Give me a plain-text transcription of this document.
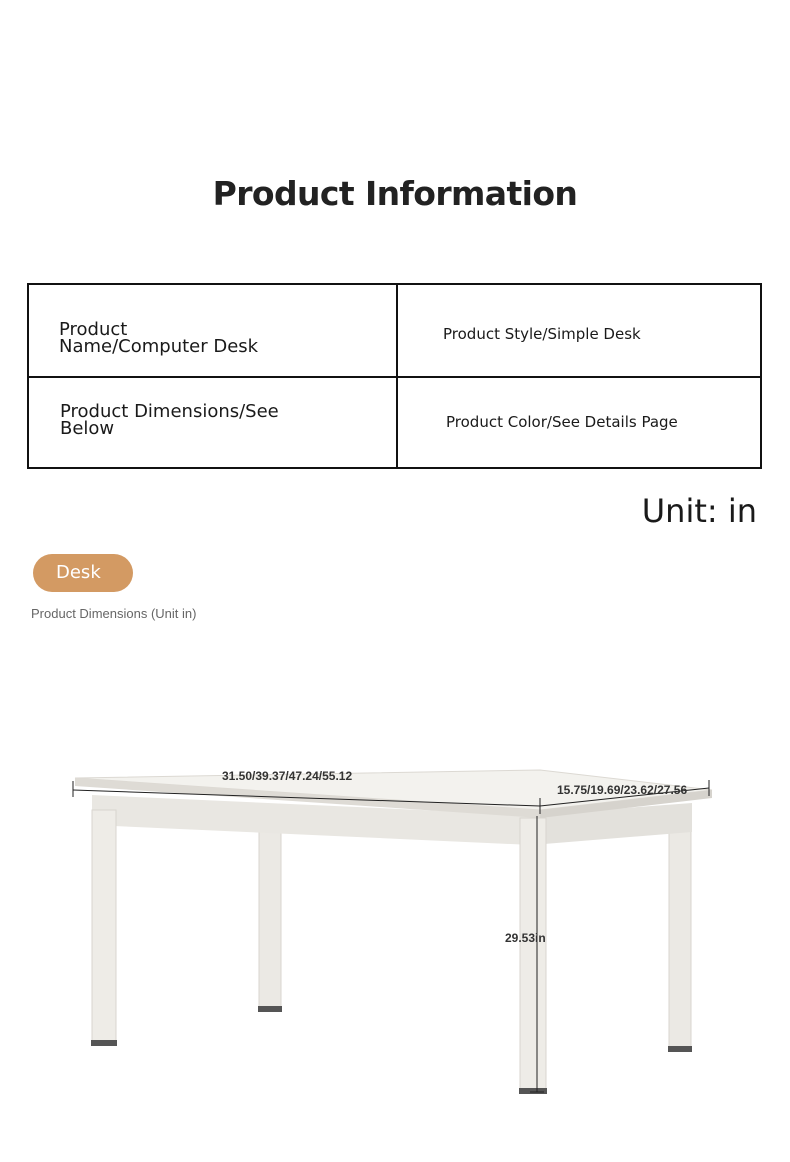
Product Information
Product
Name/Computer Desk
Product Style/Simple Desk
Product Dimensions/See
Below	Product Color/See Details Page
Unit: in
Desk
Product Dimensions (Unit in)
31.50/39.37/47.24/55.12
15.75/19.69/23.62/27.56
29.53in
